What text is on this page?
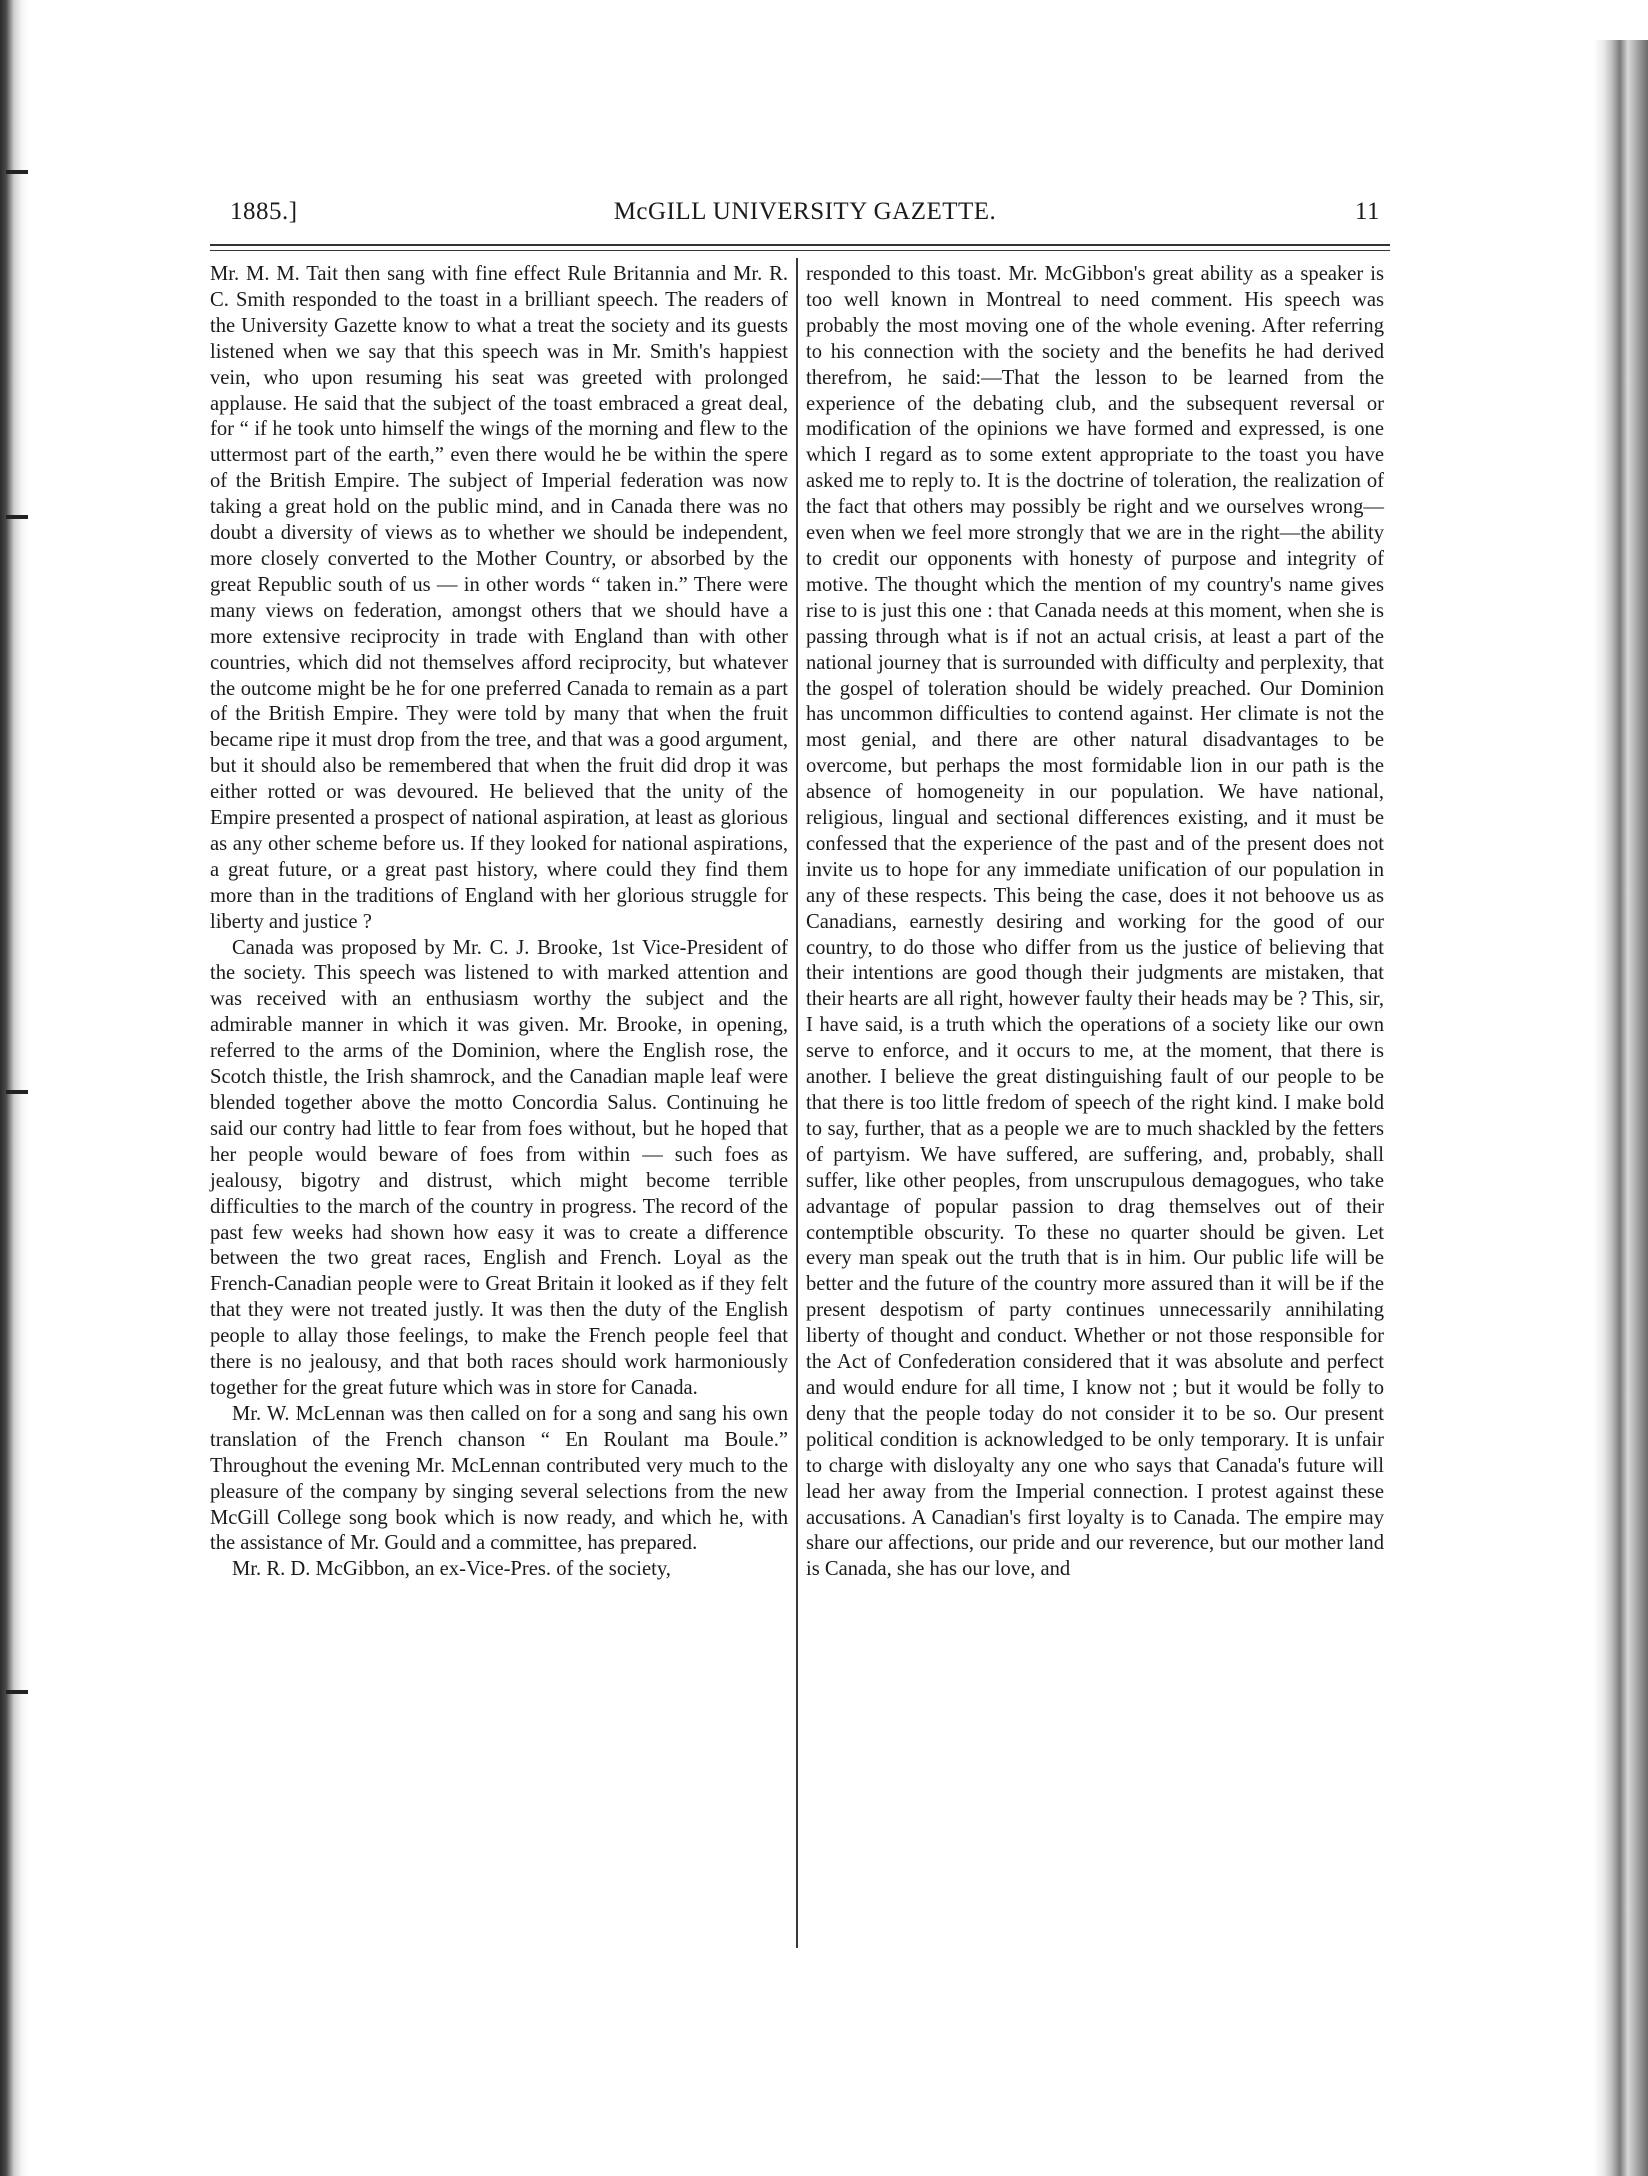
1885.]	McGILL UNIVERSITY GAZETTE.	11

Mr. M. M. Tait then sang with fine effect Rule Britannia and Mr. R. C. Smith responded to the toast in a brilliant speech. The readers of the University Gazette know to what a treat the society and its guests listened when we say that this speech was in Mr. Smith's happiest vein, who upon resuming his seat was greeted with prolonged applause. He said that the subject of the toast embraced a great deal, for “ if he took unto himself the wings of the morning and flew to the uttermost part of the earth,” even there would he be within the spere of the British Empire. The subject of Imperial federation was now taking a great hold on the public mind, and in Canada there was no doubt a diversity of views as to whether we should be independent, more closely converted to the Mother Country, or absorbed by the great Republic south of us — in other words “ taken in.” There were many views on federation, amongst others that we should have a more extensive reciprocity in trade with England than with other countries, which did not themselves afford reciprocity, but whatever the outcome might be he for one preferred Canada to remain as a part of the British Empire. They were told by many that when the fruit became ripe it must drop from the tree, and that was a good argument, but it should also be remembered that when the fruit did drop it was either rotted or was devoured. He believed that the unity of the Empire presented a prospect of national aspiration, at least as glorious as any other scheme before us. If they looked for national aspirations, a great future, or a great past history, where could they find them more than in the traditions of England with her glorious struggle for liberty and justice ?

Canada was proposed by Mr. C. J. Brooke, 1st Vice-President of the society. This speech was listened to with marked attention and was received with an enthusiasm worthy the subject and the admirable manner in which it was given. Mr. Brooke, in opening, referred to the arms of the Dominion, where the English rose, the Scotch thistle, the Irish shamrock, and the Canadian maple leaf were blended together above the motto Concordia Salus. Continuing he said our contry had little to fear from foes without, but he hoped that her people would beware of foes from within — such foes as jealousy, bigotry and distrust, which might become terrible difficulties to the march of the country in progress. The record of the past few weeks had shown how easy it was to create a difference between the two great races, English and French. Loyal as the French-Canadian people were to Great Britain it looked as if they felt that they were not treated justly. It was then the duty of the English people to allay those feelings, to make the French people feel that there is no jealousy, and that both races should work harmoniously together for the great future which was in store for Canada.

Mr. W. McLennan was then called on for a song and sang his own translation of the French chanson “ En Roulant ma Boule.” Throughout the evening Mr. McLennan contributed very much to the pleasure of the company by singing several selections from the new McGill College song book which is now ready, and which he, with the assistance of Mr. Gould and a committee, has prepared.

Mr. R. D. McGibbon, an ex-Vice-Pres. of the society,

responded to this toast. Mr. McGibbon's great ability as a speaker is too well known in Montreal to need comment. His speech was probably the most moving one of the whole evening. After referring to his connection with the society and the benefits he had derived therefrom, he said:—That the lesson to be learned from the experience of the debating club, and the subsequent reversal or modification of the opinions we have formed and expressed, is one which I regard as to some extent appropriate to the toast you have asked me to reply to. It is the doctrine of toleration, the realization of the fact that others may possibly be right and we ourselves wrong—even when we feel more strongly that we are in the right—the ability to credit our opponents with honesty of purpose and integrity of motive. The thought which the mention of my country's name gives rise to is just this one : that Canada needs at this moment, when she is passing through what is if not an actual crisis, at least a part of the national journey that is surrounded with difficulty and perplexity, that the gospel of toleration should be widely preached. Our Dominion has uncommon difficulties to contend against. Her climate is not the most genial, and there are other natural disadvantages to be overcome, but perhaps the most formidable lion in our path is the absence of homogeneity in our population. We have national, religious, lingual and sectional differences existing, and it must be confessed that the experience of the past and of the present does not invite us to hope for any immediate unification of our population in any of these respects. This being the case, does it not behoove us as Canadians, earnestly desiring and working for the good of our country, to do those who differ from us the justice of believing that their intentions are good though their judgments are mistaken, that their hearts are all right, however faulty their heads may be ? This, sir, I have said, is a truth which the operations of a society like our own serve to enforce, and it occurs to me, at the moment, that there is another. I believe the great distinguishing fault of our people to be that there is too little fredom of speech of the right kind. I make bold to say, further, that as a people we are to much shackled by the fetters of partyism. We have suffered, are suffering, and, probably, shall suffer, like other peoples, from unscrupulous demagogues, who take advantage of popular passion to drag themselves out of their contemptible obscurity. To these no quarter should be given. Let every man speak out the truth that is in him. Our public life will be better and the future of the country more assured than it will be if the present despotism of party continues unnecessarily annihilating liberty of thought and conduct. Whether or not those responsible for the Act of Confederation considered that it was absolute and perfect and would endure for all time, I know not ; but it would be folly to deny that the people today do not consider it to be so. Our present political condition is acknowledged to be only temporary. It is unfair to charge with disloyalty any one who says that Canada's future will lead her away from the Imperial connection. I protest against these accusations. A Canadian's first loyalty is to Canada. The empire may share our affections, our pride and our reverence, but our mother land is Canada, she has our love, and
